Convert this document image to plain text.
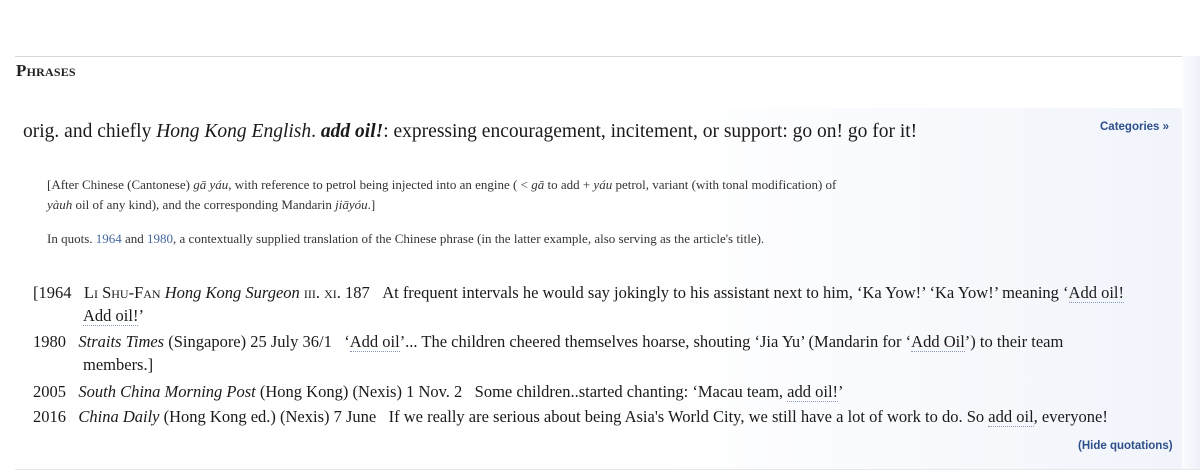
Phrases
Categories »
orig. and chiefly Hong Kong English. add oil!: expressing encouragement, incitement, or support: go on! go for it!
[After Chinese (Cantonese) gā yáu, with reference to petrol being injected into an engine ( < gā to add + yáu petrol, variant (with tonal modification) of
yàuh oil of any kind), and the corresponding Mandarin jiāyóu.]
In quots. 1964 and 1980, a contextually supplied translation of the Chinese phrase (in the latter example, also serving as the article's title).
[1964 Li Shu-Fan Hong Kong Surgeon iii. xi. 187 At frequent intervals he would say jokingly to his assistant next to him, ‘Ka Yow!’ ‘Ka Yow!’ meaning ‘Add oil!
Add oil!’
1980 Straits Times (Singapore) 25 July 36/1 ‘Add oil’... The children cheered themselves hoarse, shouting ‘Jia Yu’ (Mandarin for ‘Add Oil’) to their team
members.]
2005 South China Morning Post (Hong Kong) (Nexis) 1 Nov. 2 Some children..started chanting: ‘Macau team, add oil!’
2016 China Daily (Hong Kong ed.) (Nexis) 7 June If we really are serious about being Asia's World City, we still have a lot of work to do. So add oil, everyone!
(Hide quotations)
